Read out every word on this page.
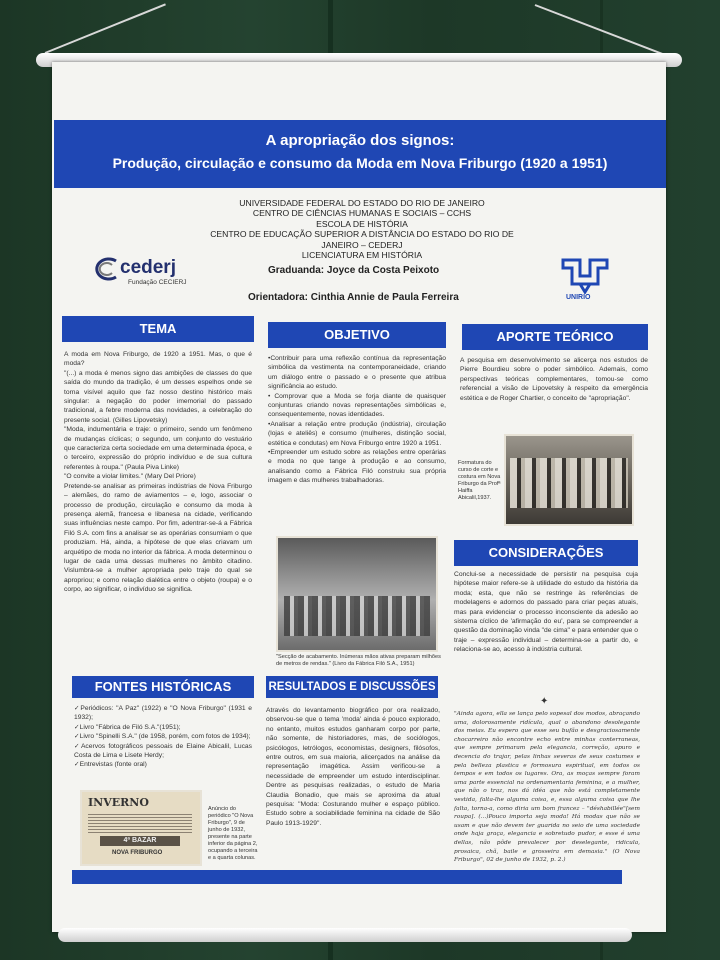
A apropriação dos signos:
Produção, circulação e consumo da Moda em Nova Friburgo (1920 a 1951)
UNIVERSIDADE FEDERAL DO ESTADO DO RIO DE JANEIRO
CENTRO DE CIÊNCIAS HUMANAS E SOCIAIS – CCHS
ESCOLA DE HISTÓRIA
CENTRO DE EDUCAÇÃO SUPERIOR A DISTÂNCIA DO ESTADO DO RIO DE JANEIRO – CEDERJ
LICENCIATURA EM HISTÓRIA
cederj
Fundação CECIERJ
Graduanda: Joyce da Costa Peixoto
Orientadora: Cinthia Annie de Paula Ferreira	UNIRIO
TEMA

A moda em Nova Friburgo, de 1920 a 1951. Mas, o que é moda?

"(...) a moda é menos signo das ambições de classes do que saída do mundo da tradição, é um desses espelhos onde se torna visível aquilo que faz nosso destino histórico mais singular: a negação do poder imemorial do passado tradicional, a febre moderna das novidades, a celebração do presente social. (Gilles Lipovetsky)

"Moda, indumentária e traje: o primeiro, sendo um fenômeno de mudanças cíclicas; o segundo, um conjunto do vestuário que caracteriza certa sociedade em uma determinada época, e o terceiro, expressão do próprio indivíduo e de sua cultura referentes à roupa." (Paula Piva Linke)

"O convite a violar limites." (Mary Del Priore)

Pretende-se analisar as primeiras indústrias de Nova Friburgo – alemães, do ramo de aviamentos – e, logo, associar o processo de produção, circulação e consumo da moda à presença alemã, francesa e libanesa na cidade, verificando suas influências neste campo. Por fim, adentrar-se-á a Fábrica Filó S.A. com fins a analisar se as operárias consumiam o que produziam. Há, ainda, a hipótese de que elas criavam um arquétipo de moda no interior da fábrica. A moda determinou o lugar de cada uma dessas mulheres no âmbito citadino. Vislumbra-se a mulher apropriada pelo traje do qual se apropriou; e como relação dialética entre o objeto (roupa) e o corpo, ao significar, o indivíduo se significa.

FONTES HISTÓRICAS

✓Periódicos: "A Paz" (1922) e "O Nova Friburgo" (1931 e 1932);

✓Livro "Fábrica de Filó S.A."(1951);

✓Livro "Spinelli S.A." (de 1958, porém, com fotos de 1934);

✓Acervos fotográficos pessoais de Elaine Abicalil, Lucas Costa de Lima e Lisete Herdy;

✓Entrevistas (fonte oral)

INVERNO
4ª BAZAR
NOVA FRIBURGO
Anúncio do periódico "O Nova Friburgo", 9 de junho de 1932, presente na parte inferior da página 2, ocupando a terceira e a quarta colunas.
OBJETIVO

•Contribuir para uma reflexão contínua da representação simbólica da vestimenta na contemporaneidade, criando um diálogo entre o passado e o presente que atribua significância ao estudo.

• Comprovar que a Moda se forja diante de quaisquer conjunturas criando novas representações simbólicas e, consequentemente, novas identidades.

•Analisar a relação entre produção (indústria), circulação (lojas e ateliês) e consumo (mulheres, distinção social, estética e condutas) em Nova Friburgo entre 1920 a 1951.

•Empreender um estudo sobre as relações entre operárias e moda no que tange à produção e ao consumo, analisando como a Fábrica Filó construiu sua própria imagem e das mulheres trabalhadoras.

"Secção de acabamento. Inúmeras mãos ativas preparam milhões de metros de rendas." (Livro da Fábrica Filó S.A., 1951)
RESULTADOS E DISCUSSÕES

Através do levantamento biográfico por ora realizado, observou-se que o tema 'moda' ainda é pouco explorado, no entanto, muitos estudos ganharam corpo por parte, não somente, de historiadores, mas, de sociólogos, psicólogos, letrólogos, economistas, designers, filósofos, entre outros, em sua maioria, alicerçados na análise da representação imagética. Assim verificou-se a necessidade de empreender um estudo interdisciplinar. Dentre as pesquisas realizadas, o estudo de Maria Claudia Bonadio, que mais se aproxima da atual pesquisa: "Moda: Costurando mulher e espaço público. Estudo sobre a sociabilidade feminina na cidade de São Paulo 1913-1929".

APORTE TEÓRICO

A pesquisa em desenvolvimento se alicerça nos estudos de Pierre Bourdieu sobre o poder simbólico. Ademais, como perspectivas teóricas complementares, tomou-se como referencial a visão de Lipovetsky à respeito da emergência estética e de Roger Chartier, o conceito de "apropriação".

Formatura do curso de corte e costura em Nova Friburgo da Profª Haiffa Abicalil,1937.
CONSIDERAÇÕES

Conclui-se a necessidade de persistir na pesquisa cuja hipótese maior refere-se à utilidade do estudo da história da moda; esta, que não se restringe às referências de modelagens e adornos do passado para criar peças atuais, mas para evidenciar o processo inconsciente da adesão ao sistema cíclico de 'afirmação do eu', para se compreender a questão da dominação vinda "de cima" e para entender que o traje – expressão individual – determina-se a partir do, e relaciona-se ao, acesso à indústria cultural.

✦
"Ainda agora, ella se lança pelo sopesal dos modos, abraçando uma, dolorosamente ridícula, qual o abandono desolegante dos meias. Eu espero que esse seu bufão e desgraciosamente chocarreiro não encontre echo entre minhas conterraneas, que sempre primaram pela elegancia, correção, apuro e decencia do trajar, pelas linhas severas de seus costumes e pela belleza plastica e formosura espiritual, em todos os tempos e em todos os lugares. Ora, as moças sempre foram uma parte essencial na ordenamentaria feminina, e a mulher, que não o traz, nos dá idéa que não está completamente vestida, falta-lhe alguma coisa, e, essa alguma coisa que lhe falta, torna-a, como diria um bom francez – "déshabillée"[sem roupa]. (...)Pouco importa seja moda! Há modas que não se usam e que não devem ter guarida no seio de uma sociedade onde haja graça, elegancia e sobretudo pudor, e esse é uma dellas, não pôde prevalecer por deselegante, ridicula, prosaica, chã, baile e grosseira em demasia." (O Nova Friburgo", 02 de junho de 1932, p. 2.)
